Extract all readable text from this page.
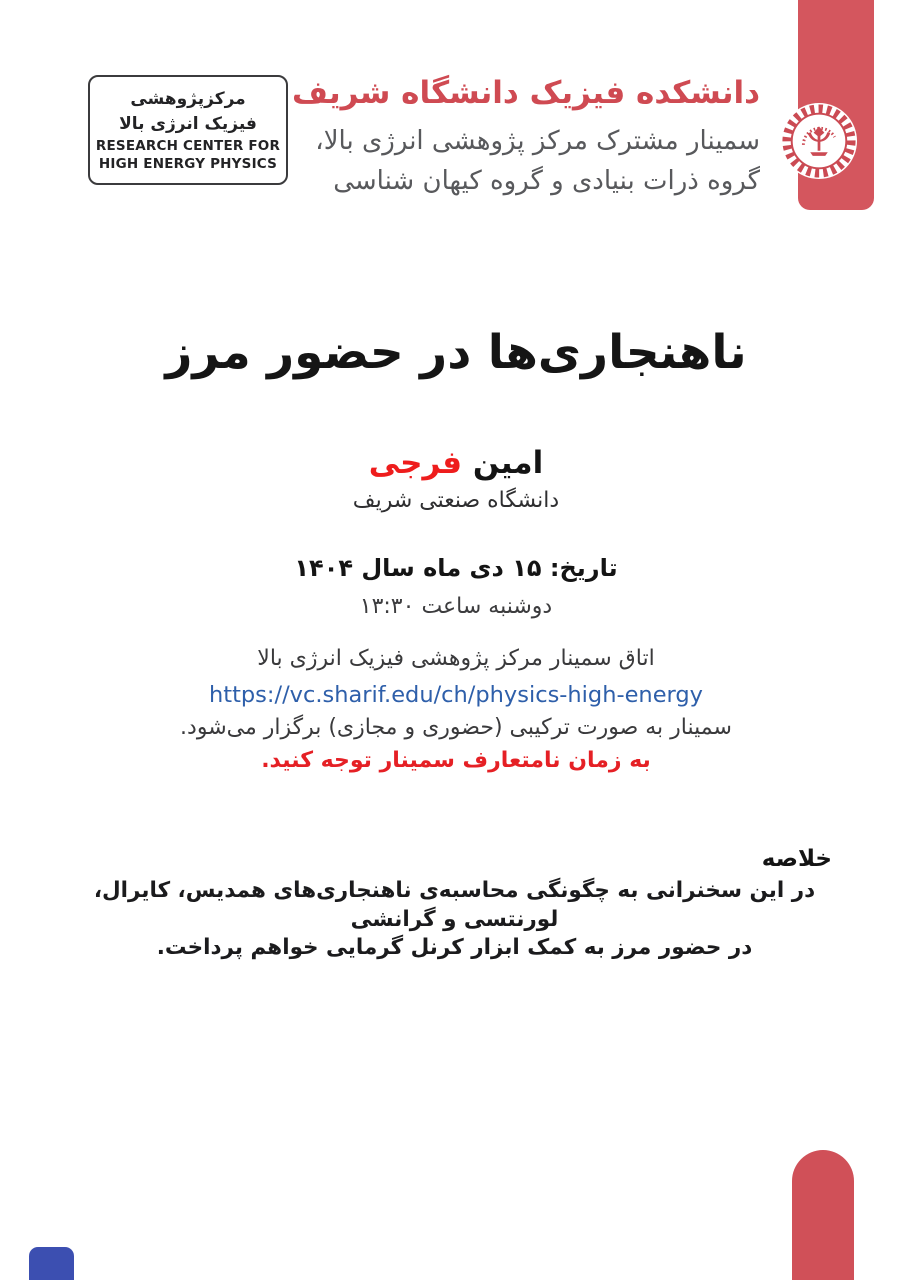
مرکزپژوهشی
فیزیک انرژی بالا
RESEARCH CENTER FOR
HIGH ENERGY PHYSICS
دانشکده فیزیک دانشگاه شریف
سمینار مشترک مرکز پژوهشی انرژی بالا،
گروه ذرات بنیادی و گروه کیهان شناسی
ناهنجاری‌ها در حضور مرز
امین فرجی
دانشگاه صنعتی شریف
تاریخ: ۱۵ دی ماه سال ۱۴۰۴
دوشنبه ساعت ۱۳:۳۰
اتاق سمینار مرکز پژوهشی فیزیک انرژی بالا
https://vc.sharif.edu/ch/physics-high-energy
سمینار به صورت ترکیبی (حضوری و مجازی) برگزار می‌شود.
به زمان نامتعارف سمینار توجه کنید.
خلاصه
در این سخنرانی به چگونگی محاسبه‌ی ناهنجاری‌های همدیس، کایرال، لورنتسی و گرانشی
در حضور مرز به کمک ابزار کرنل گرمایی خواهم پرداخت.
